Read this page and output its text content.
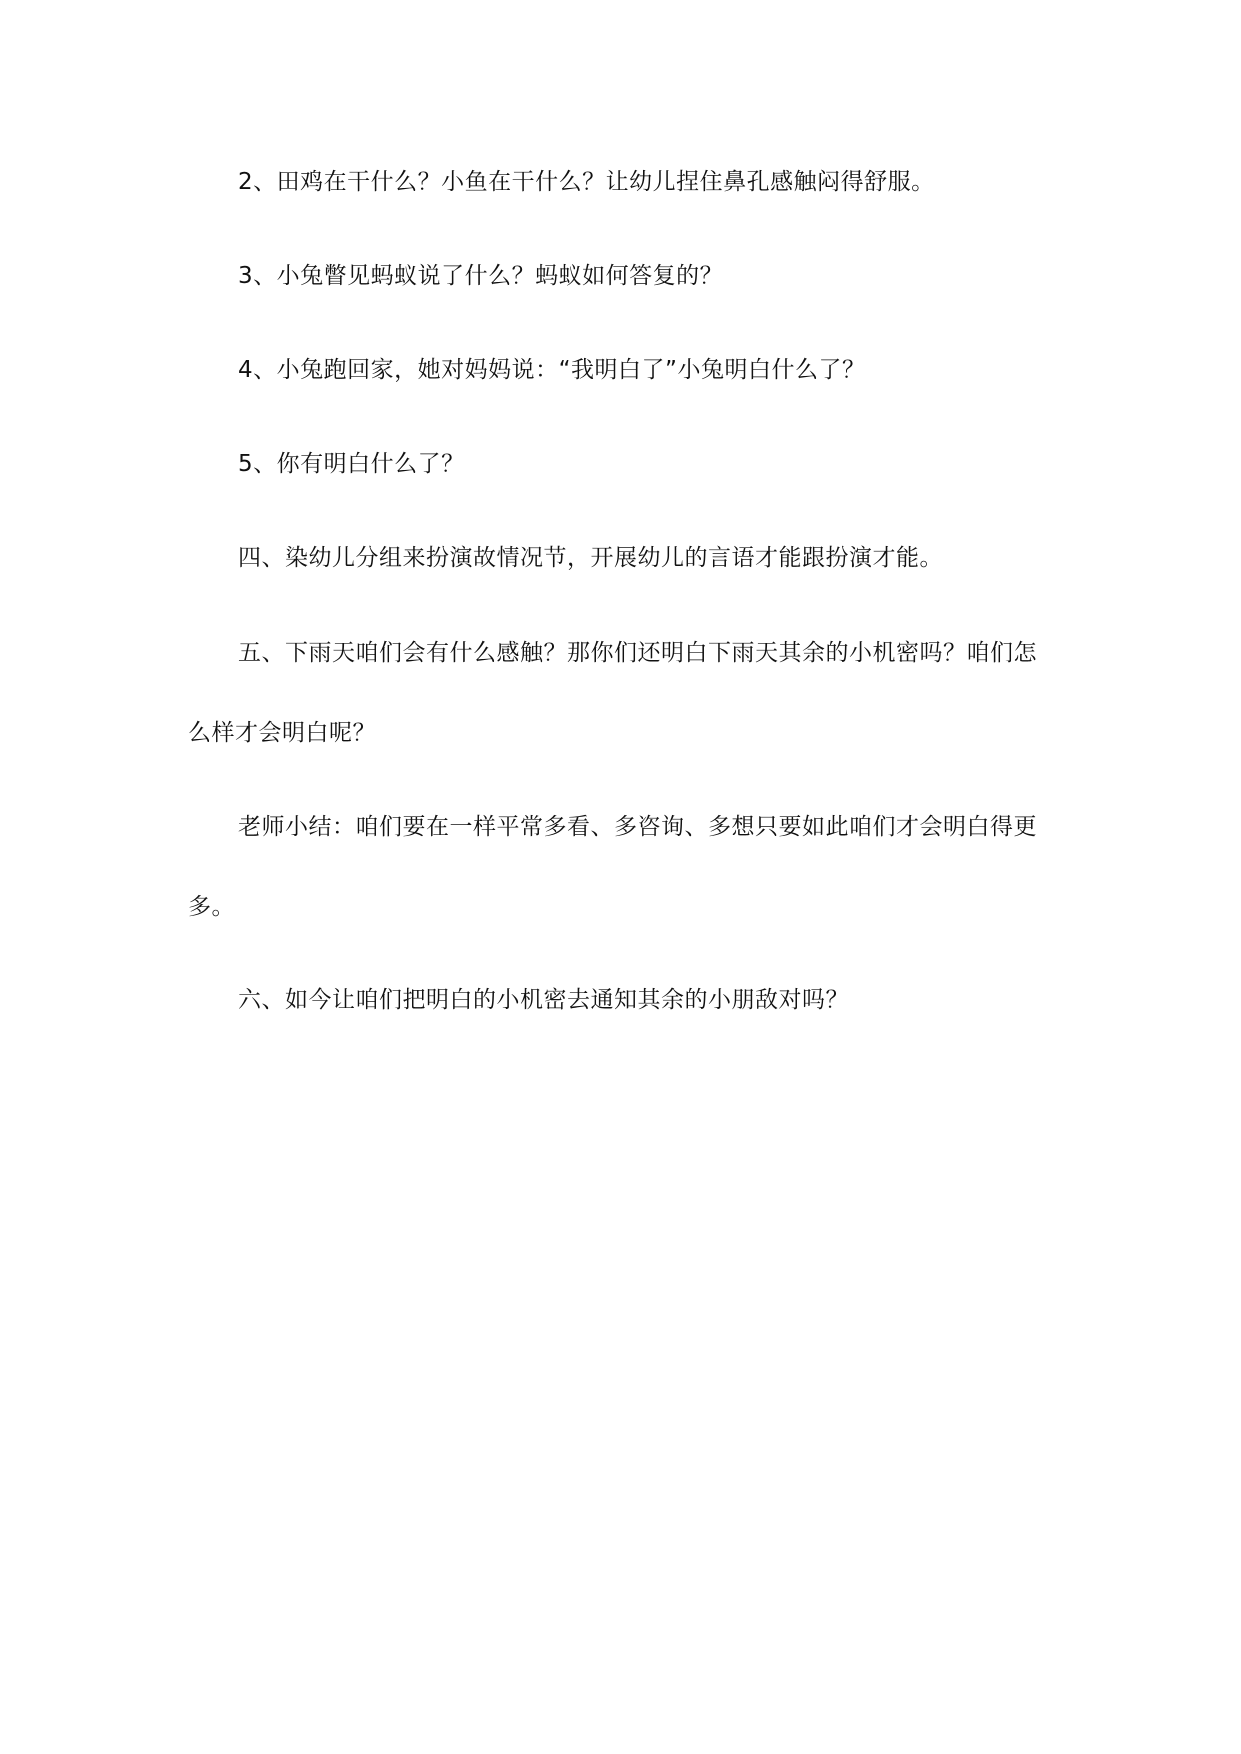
2、田鸡在干什么？小鱼在干什么？让幼儿捏住鼻孔感触闷得舒服。

3、小兔瞥见蚂蚁说了什么？蚂蚁如何答复的？

4、小兔跑回家，她对妈妈说：“我明白了”小兔明白什么了？

5、你有明白什么了？

四、染幼儿分组来扮演故情况节，开展幼儿的言语才能跟扮演才能。

五、下雨天咱们会有什么感触？那你们还明白下雨天其余的小机密吗？咱们怎么样才会明白呢？

老师小结：咱们要在一样平常多看、多咨询、多想只要如此咱们才会明白得更多。

六、如今让咱们把明白的小机密去通知其余的小朋敌对吗？
